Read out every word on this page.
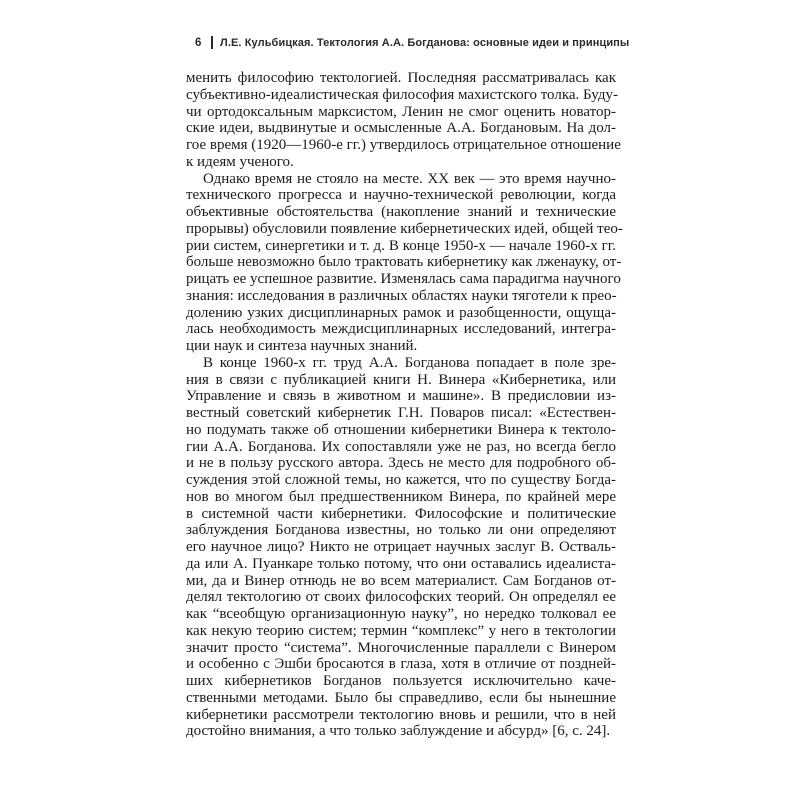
6 Л.Е. Кульбицкая. Тектология А.А. Богданова: основные идеи и принципы
менить философию тектологией. Последняя рассматривалась как
субъективно-идеалистическая философия махистского толка. Буду-
чи ортодоксальным марксистом, Ленин не смог оценить новатор-
ские идеи, выдвинутые и осмысленные А.А. Богдановым. На дол-
гое время (1920—1960-е гг.) утвердилось отрицательное отношение
к идеям ученого.
Однако время не стояло на месте. XX век — это время научно-
технического прогресса и научно-технической революции, когда
объективные обстоятельства (накопление знаний и технические
прорывы) обусловили появление кибернетических идей, общей тео-
рии систем, синергетики и т. д. В конце 1950-х — начале 1960-х гг.
больше невозможно было трактовать кибернетику как лженауку, от-
рицать ее успешное развитие. Изменялась сама парадигма научного
знания: исследования в различных областях науки тяготели к прео-
долению узких дисциплинарных рамок и разобщенности, ощуща-
лась необходимость междисциплинарных исследований, интегра-
ции наук и синтеза научных знаний.
В конце 1960-х гг. труд А.А. Богданова попадает в поле зре-
ния в связи с публикацией книги Н. Винера «Кибернетика, или
Управление и связь в животном и машине». В предисловии из-
вестный советский кибернетик Г.Н. Поваров писал: «Естествен-
но подумать также об отношении кибернетики Винера к тектоло-
гии А.А. Богданова. Их сопоставляли уже не раз, но всегда бегло
и не в пользу русского автора. Здесь не место для подробного об-
суждения этой сложной темы, но кажется, что по существу Богда-
нов во многом был предшественником Винера, по крайней мере
в системной части кибернетики. Философские и политические
заблуждения Богданова известны, но только ли они определяют
его научное лицо? Никто не отрицает научных заслуг В. Остваль-
да или А. Пуанкаре только потому, что они оставались идеалиста-
ми, да и Винер отнюдь не во всем материалист. Сам Богданов от-
делял тектологию от своих философских теорий. Он определял ее
как “всеобщую организационную науку”, но нередко толковал ее
как некую теорию систем; термин “комплекс” у него в тектологии
значит просто “система”. Многочисленные параллели с Винером
и особенно с Эшби бросаются в глаза, хотя в отличие от поздней-
ших кибернетиков Богданов пользуется исключительно каче-
ственными методами. Было бы справедливо, если бы нынешние
кибернетики рассмотрели тектологию вновь и решили, что в ней
достойно внимания, а что только заблуждение и абсурд» [6, с. 24].
